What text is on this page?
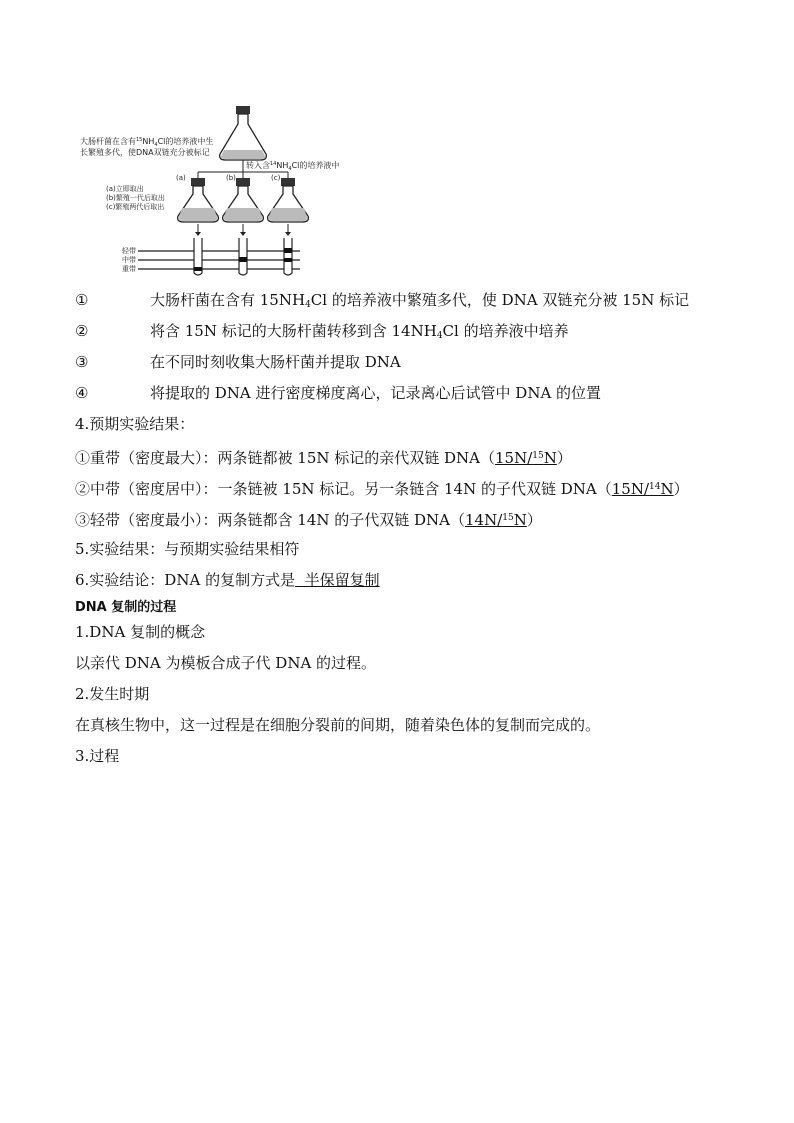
大肠杆菌在含有$^{15}NH_4Cl$的培养液中生
长繁殖多代，使DNA双链充分被标记
转入含$^{14}NH_4Cl$的培养液中
(a)	(b)	(c)
(a)立即取出
(b)繁殖一代后取出
(c)繁殖两代后取出
轻带
中带
重带
①	大肠杆菌在含有 $15NH_4Cl$ 的培养液中繁殖多代，使 DNA 双链充分被 15N 标记
②	将含 15N 标记的大肠杆菌转移到含 $14NH_4Cl$ 的培养液中培养
③	在不同时刻收集大肠杆菌并提取 DNA
④	将提取的 DNA 进行密度梯度离心，记录离心后试管中 DNA 的位置
4.预期实验结果：
①重带（密度最大）：两条链都被 15N 标记的亲代双链 DNA（15N/$^{15}$N）
②中带（密度居中）：一条链被 15N 标记。另一条链含 14N 的子代双链 DNA（15N/$^{14}$N）
③轻带（密度最小）：两条链都含 14N 的子代双链 DNA（14N/$^{15}$N）
5.实验结果：与预期实验结果相符
6.实验结论：DNA 的复制方式是  半保留复制
DNA 复制的过程
1.DNA 复制的概念
以亲代 DNA 为模板合成子代 DNA 的过程。
2.发生时期
在真核生物中，这一过程是在细胞分裂前的间期，随着染色体的复制而完成的。
3.过程
